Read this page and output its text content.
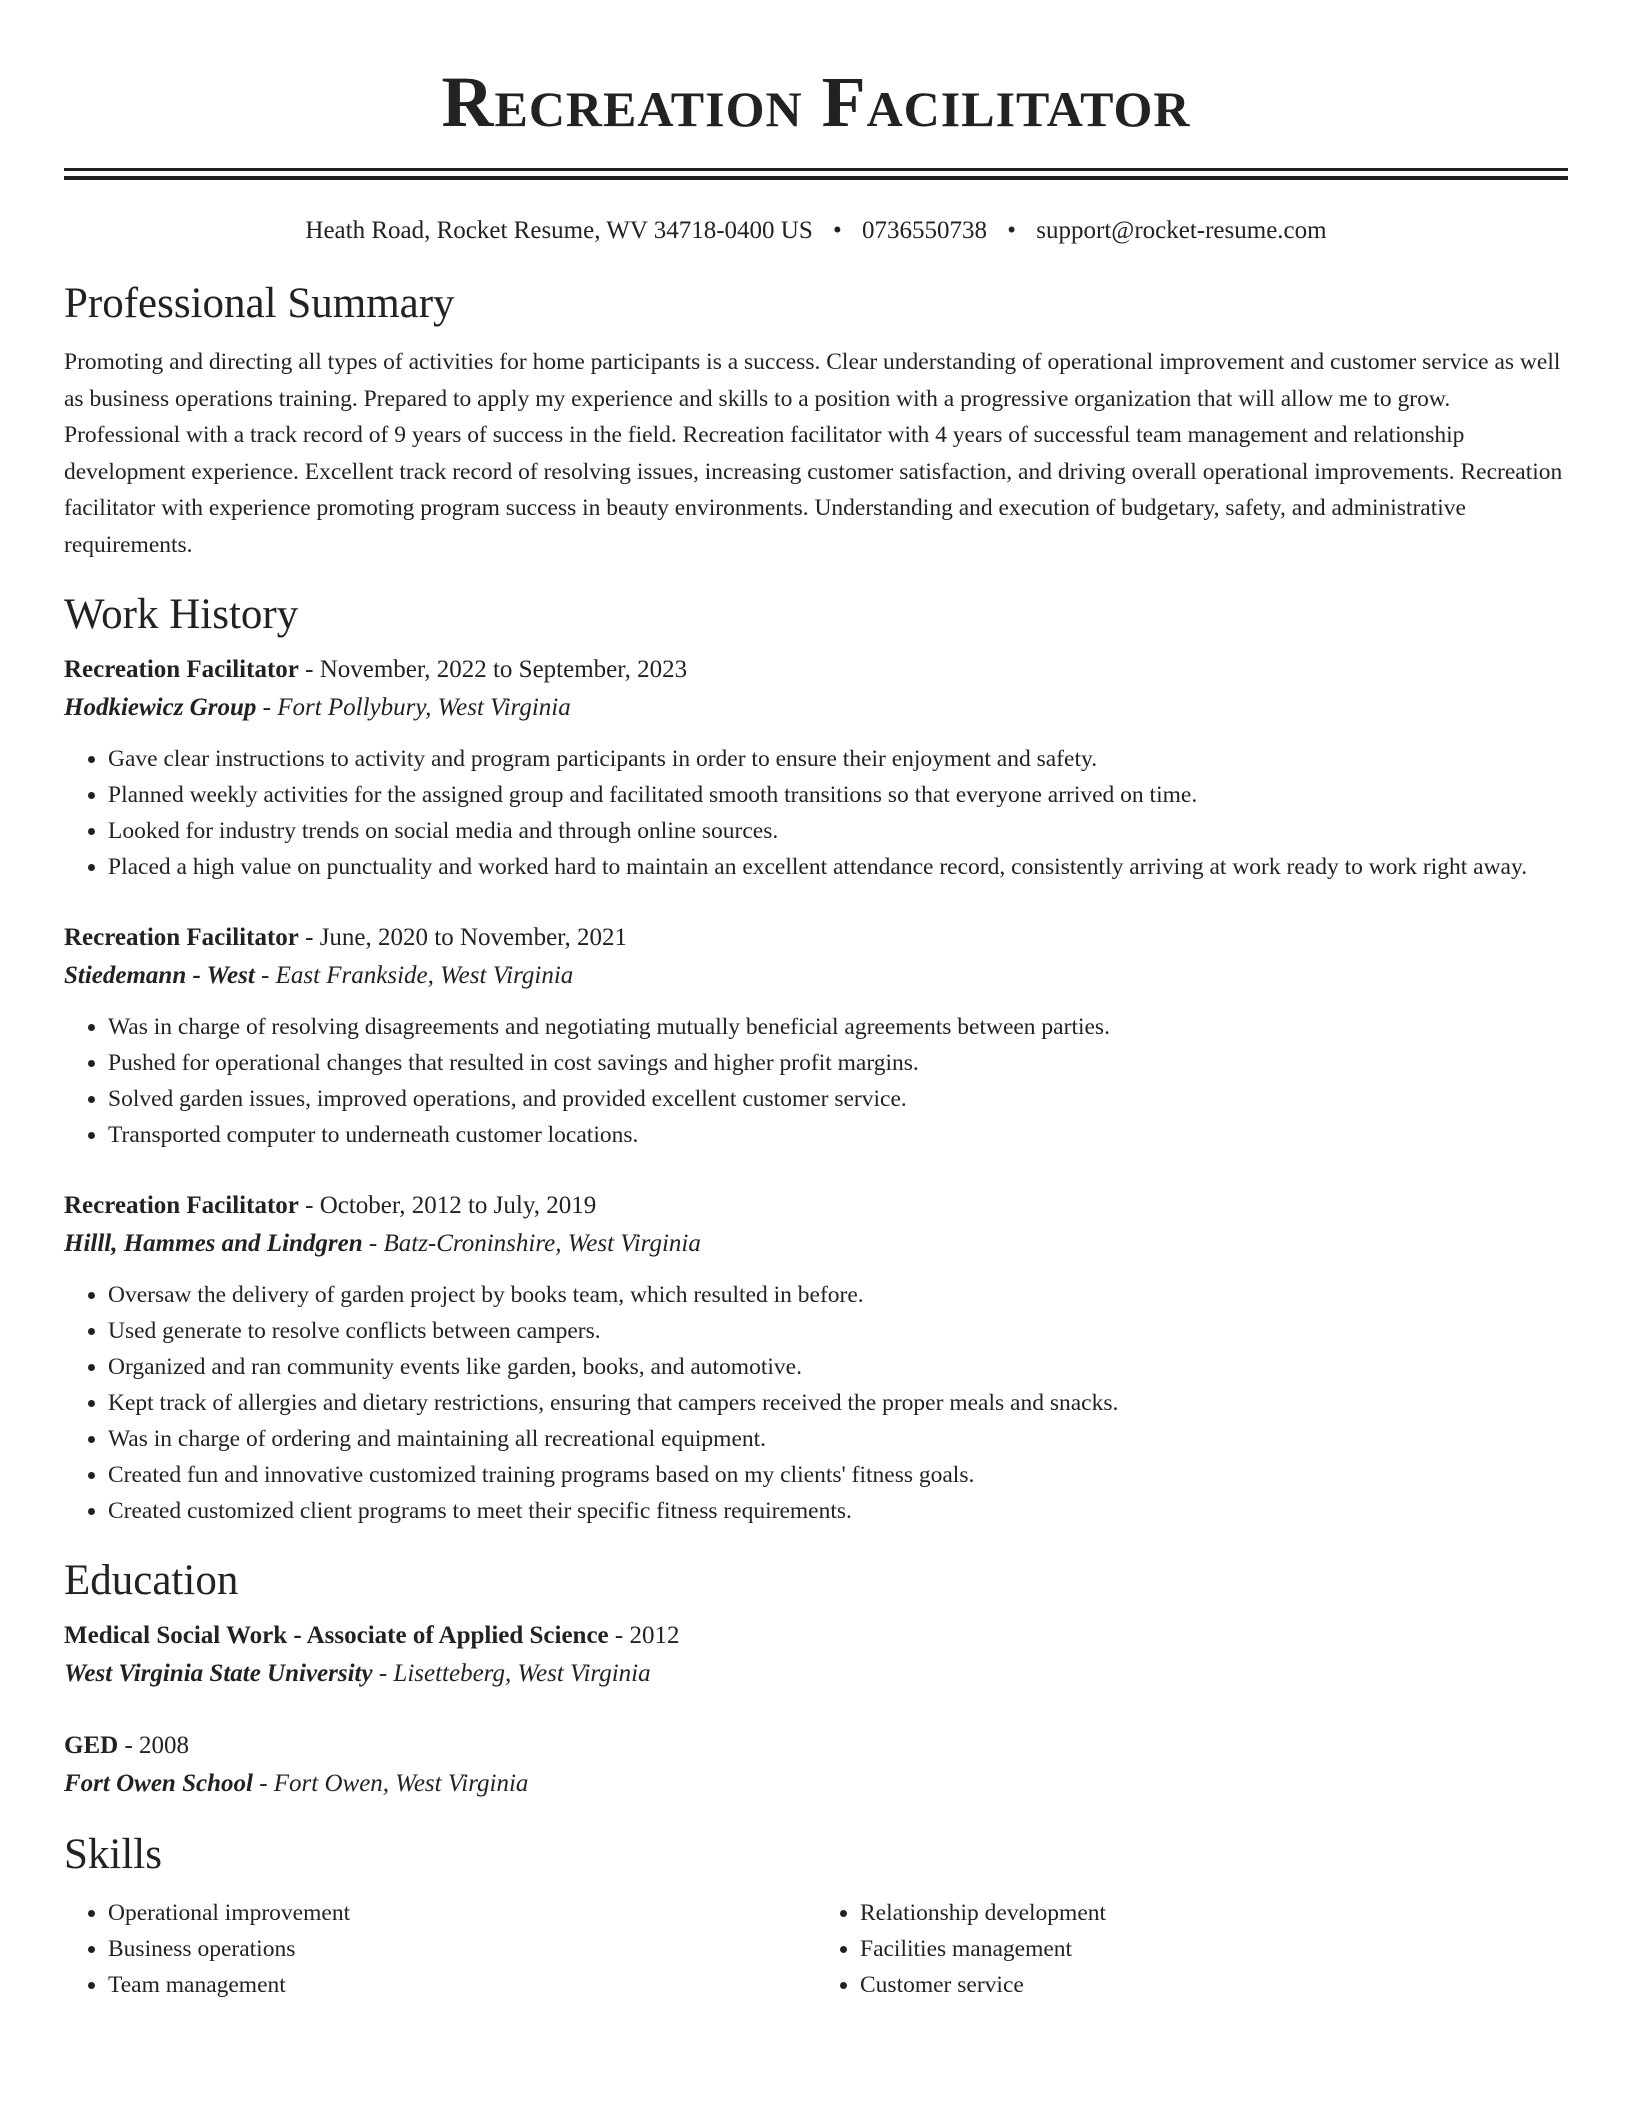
Recreation Facilitator
Heath Road, Rocket Resume, WV 34718-0400 US • 0736550738 • support@rocket-resume.com
Professional Summary

Promoting and directing all types of activities for home participants is a success. Clear understanding of operational improvement and customer service as well as business operations training. Prepared to apply my experience and skills to a position with a progressive organization that will allow me to grow. Professional with a track record of 9 years of success in the field. Recreation facilitator with 4 years of successful team management and relationship development experience. Excellent track record of resolving issues, increasing customer satisfaction, and driving overall operational improvements. Recreation facilitator with experience promoting program success in beauty environments. Understanding and execution of budgetary, safety, and administrative requirements.

Work History
Recreation Facilitator - November, 2022 to September, 2023
Hodkiewicz Group - Fort Pollybury, West Virginia
• Gave clear instructions to activity and program participants in order to ensure their enjoyment and safety.
• Planned weekly activities for the assigned group and facilitated smooth transitions so that everyone arrived on time.
• Looked for industry trends on social media and through online sources.
• Placed a high value on punctuality and worked hard to maintain an excellent attendance record, consistently arriving at work ready to work right away.
Recreation Facilitator - June, 2020 to November, 2021
Stiedemann - West - East Frankside, West Virginia
• Was in charge of resolving disagreements and negotiating mutually beneficial agreements between parties.
• Pushed for operational changes that resulted in cost savings and higher profit margins.
• Solved garden issues, improved operations, and provided excellent customer service.
• Transported computer to underneath customer locations.
Recreation Facilitator - October, 2012 to July, 2019
Hilll, Hammes and Lindgren - Batz-Croninshire, West Virginia
• Oversaw the delivery of garden project by books team, which resulted in before.
• Used generate to resolve conflicts between campers.
• Organized and ran community events like garden, books, and automotive.
• Kept track of allergies and dietary restrictions, ensuring that campers received the proper meals and snacks.
• Was in charge of ordering and maintaining all recreational equipment.
• Created fun and innovative customized training programs based on my clients' fitness goals.
• Created customized client programs to meet their specific fitness requirements.
Education
Medical Social Work - Associate of Applied Science - 2012
West Virginia State University - Lisetteberg, West Virginia
GED - 2008
Fort Owen School - Fort Owen, West Virginia
Skills
• Operational improvement
• Business operations
• Team management
• Relationship development
• Facilities management
• Customer service
